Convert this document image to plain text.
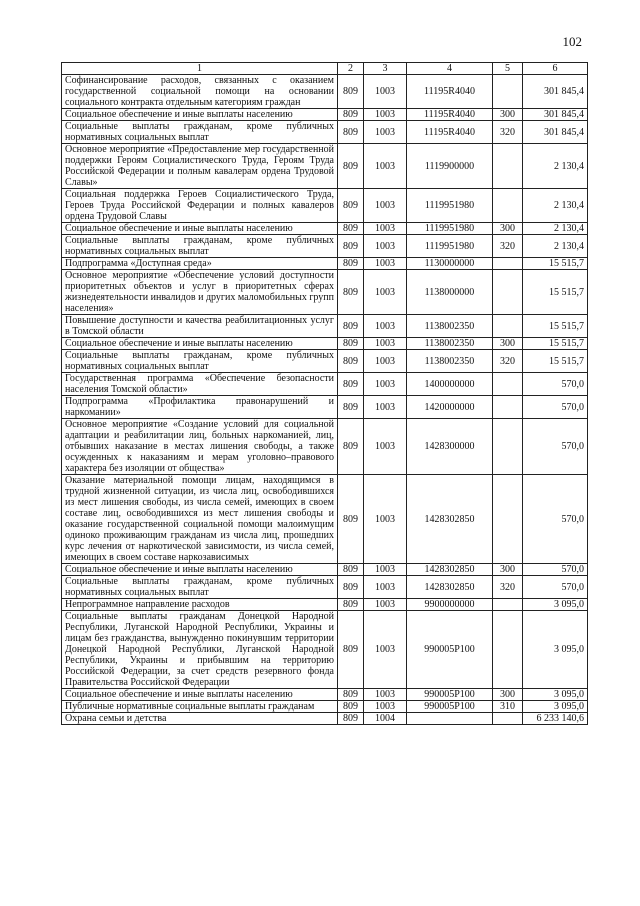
102
1	2	3	4	5	6
Софинансирование расходов, связанных с оказанием государственной социальной помощи на основании социального контракта отдельным категориям граждан	809	1003	11195R4040		301 845,4
Социальное обеспечение и иные выплаты населению	809	1003	11195R4040	300	301 845,4
Социальные выплаты гражданам, кроме публичных нормативных социальных выплат	809	1003	11195R4040	320	301 845,4
Основное мероприятие «Предоставление мер государственной поддержки Героям Социалистического Труда, Героям Труда Российской Федерации и полным кавалерам ордена Трудовой Славы»	809	1003	1119900000		2 130,4
Социальная поддержка Героев Социалистического Труда, Героев Труда Российской Федерации и полных кавалеров ордена Трудовой Славы	809	1003	1119951980		2 130,4
Социальное обеспечение и иные выплаты населению	809	1003	1119951980	300	2 130,4
Социальные выплаты гражданам, кроме публичных нормативных социальных выплат	809	1003	1119951980	320	2 130,4
Подпрограмма «Доступная среда»	809	1003	1130000000		15 515,7
Основное мероприятие «Обеспечение условий доступности приоритетных объектов и услуг в приоритетных сферах жизнедеятельности инвалидов и других маломобильных групп населения»	809	1003	1138000000		15 515,7
Повышение доступности и качества реабилитационных услуг в Томской области	809	1003	1138002350		15 515,7
Социальное обеспечение и иные выплаты населению	809	1003	1138002350	300	15 515,7
Социальные выплаты гражданам, кроме публичных нормативных социальных выплат	809	1003	1138002350	320	15 515,7
Государственная программа «Обеспечение безопасности населения Томской области»	809	1003	1400000000		570,0
Подпрограмма «Профилактика правонарушений и наркомании»	809	1003	1420000000		570,0
Основное мероприятие «Создание условий для социальной адаптации и реабилитации лиц, больных наркоманией, лиц, отбывших наказание в местах лишения свободы, а также осужденных к наказаниям и мерам уголовно–правового характера без изоляции от общества»	809	1003	1428300000		570,0
Оказание материальной помощи лицам, находящимся в трудной жизненной ситуации, из числа лиц, освободившихся из мест лишения свободы, из числа семей, имеющих в своем составе лиц, освободившихся из мест лишения свободы и оказание государственной социальной помощи малоимущим одиноко проживающим гражданам из числа лиц, прошедших курс лечения от наркотической зависимости, из числа семей, имеющих в своем составе наркозависимых	809	1003	1428302850		570,0
Социальное обеспечение и иные выплаты населению	809	1003	1428302850	300	570,0
Социальные выплаты гражданам, кроме публичных нормативных социальных выплат	809	1003	1428302850	320	570,0
Непрограммное направление расходов	809	1003	9900000000		3 095,0
Социальные выплаты гражданам Донецкой Народной Республики, Луганской Народной Республики, Украины и лицам без гражданства, вынужденно покинувшим территории Донецкой Народной Республики, Луганской Народной Республики, Украины и прибывшим на территорию Российской Федерации, за счет средств резервного фонда Правительства Российской Федерации	809	1003	990005P100		3 095,0
Социальное обеспечение и иные выплаты населению	809	1003	990005P100	300	3 095,0
Публичные нормативные социальные выплаты гражданам	809	1003	990005P100	310	3 095,0
Охрана семьи и детства	809	1004			6 233 140,6
